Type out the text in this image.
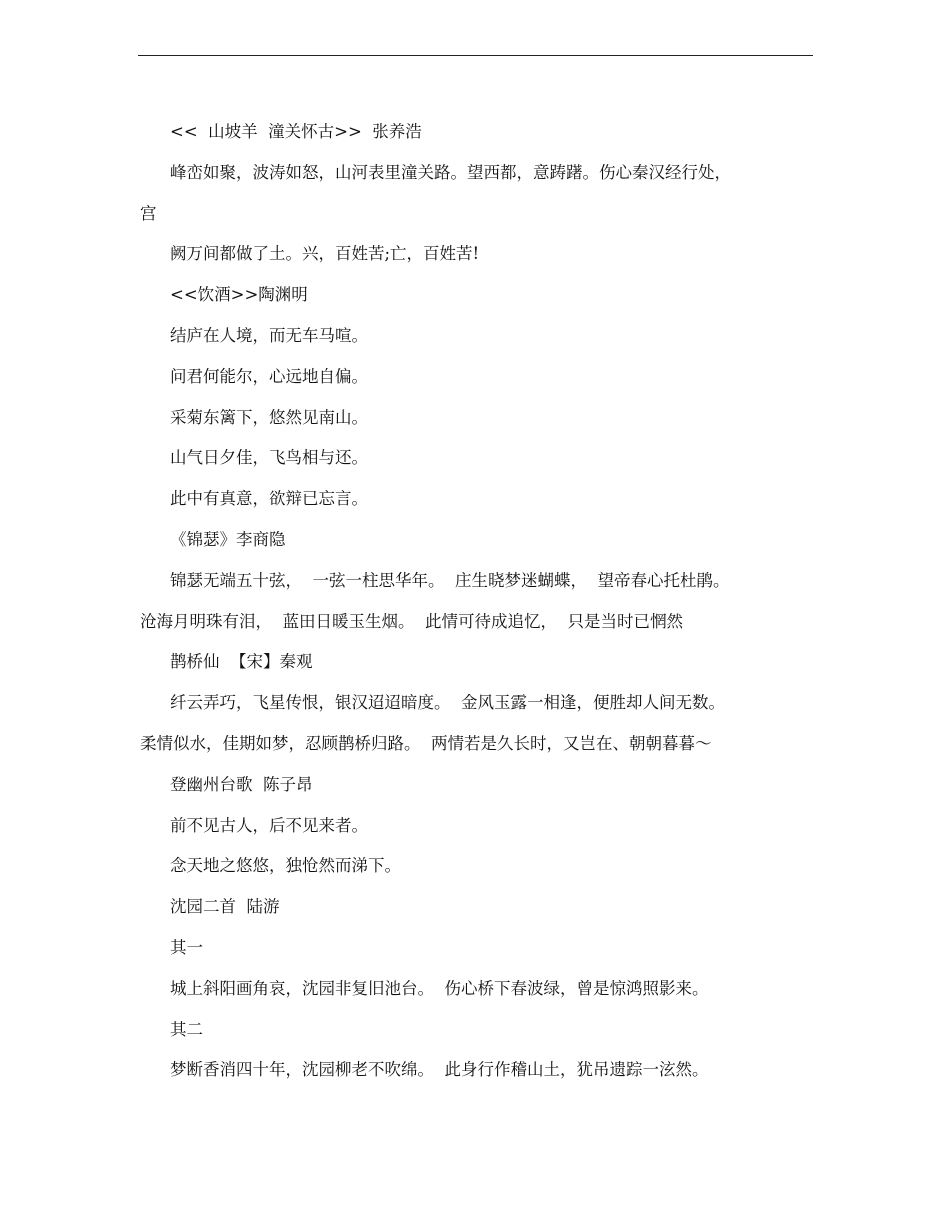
<<  山坡羊  潼关怀古>>  张养浩

峰峦如聚，波涛如怒，山河表里潼关路。望西都，意踌躇。伤心秦汉经行处，

宫

阙万间都做了土。兴，百姓苦;亡，百姓苦!

<<饮酒>>陶渊明

结庐在人境，而无车马喧。

问君何能尔，心远地自偏。

采菊东篱下，悠然见南山。

山气日夕佳，飞鸟相与还。

此中有真意，欲辩已忘言。

《锦瑟》李商隐

锦瑟无端五十弦，  一弦一柱思华年。  庄生晓梦迷蝴蝶，  望帝春心托杜鹃。

沧海月明珠有泪，  蓝田日暖玉生烟。  此情可待成追忆，  只是当时已惘然

鹊桥仙  【宋】秦观

纤云弄巧，飞星传恨，银汉迢迢暗度。  金风玉露一相逢，便胜却人间无数。

柔情似水，佳期如梦，忍顾鹊桥归路。  两情若是久长时，又岂在、朝朝暮暮～

登幽州台歌  陈子昂

前不见古人，后不见来者。

念天地之悠悠，独怆然而涕下。

沈园二首  陆游

其一

城上斜阳画角哀，沈园非复旧池台。  伤心桥下春波绿，曾是惊鸿照影来。

其二

梦断香消四十年，沈园柳老不吹绵。  此身行作稽山土，犹吊遗踪一泫然。
